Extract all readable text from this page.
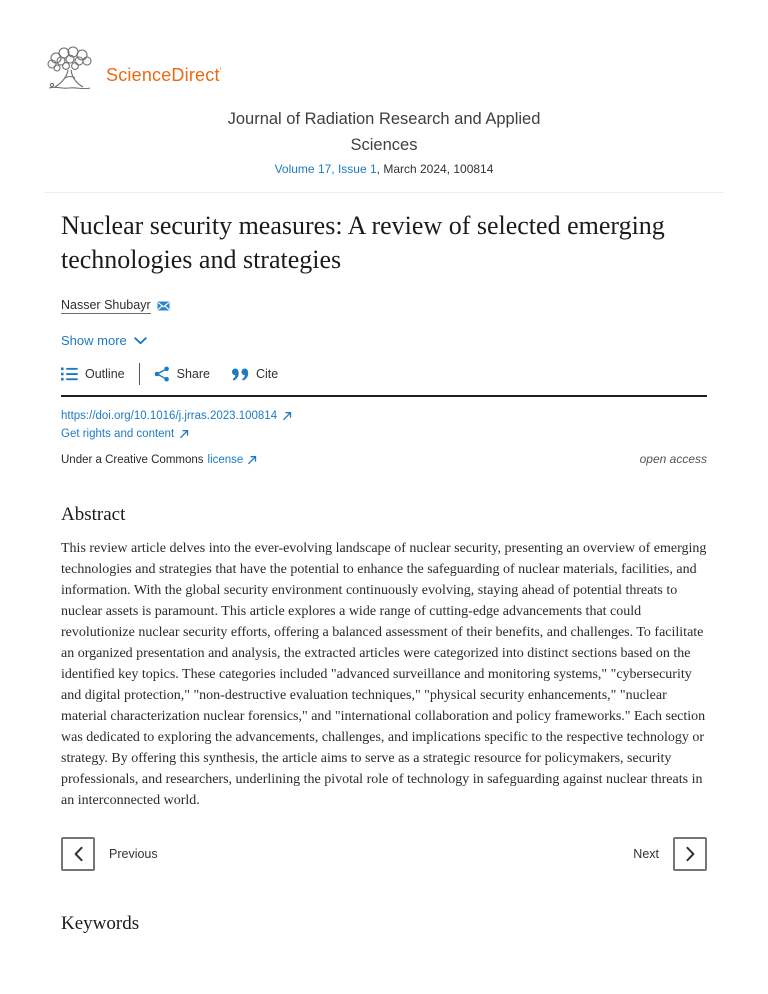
ScienceDirect’
Journal of Radiation Research and Applied
Sciences
Volume 17, Issue 1, March 2024, 100814
Nuclear security measures: A review of selected emerging technologies and strategies
Nasser Shubayr
Show more
Outline	Share	Cite
https://doi.org/10.1016/j.jrras.2023.100814
Get rights and content
Under a Creative Commons license	open access
Abstract

This review article delves into the ever-evolving landscape of nuclear security, presenting an overview of emerging technologies and strategies that have the potential to enhance the safeguarding of nuclear materials, facilities, and information. With the global security environment continuously evolving, staying ahead of potential threats to nuclear assets is paramount. This article explores a wide range of cutting-edge advancements that could revolutionize nuclear security efforts, offering a balanced assessment of their benefits, and challenges. To facilitate an organized presentation and analysis, the extracted articles were categorized into distinct sections based on the identified key topics. These categories included "advanced surveillance and monitoring systems," "cybersecurity and digital protection," "non-destructive evaluation techniques," "physical security enhancements," "nuclear material characterization nuclear forensics," and "international collaboration and policy frameworks." Each section was dedicated to exploring the advancements, challenges, and implications specific to the respective technology or strategy. By offering this synthesis, the article aims to serve as a strategic resource for policymakers, security professionals, and researchers, underlining the pivotal role of technology in safeguarding against nuclear threats in an interconnected world.

Previous	Next
Keywords
